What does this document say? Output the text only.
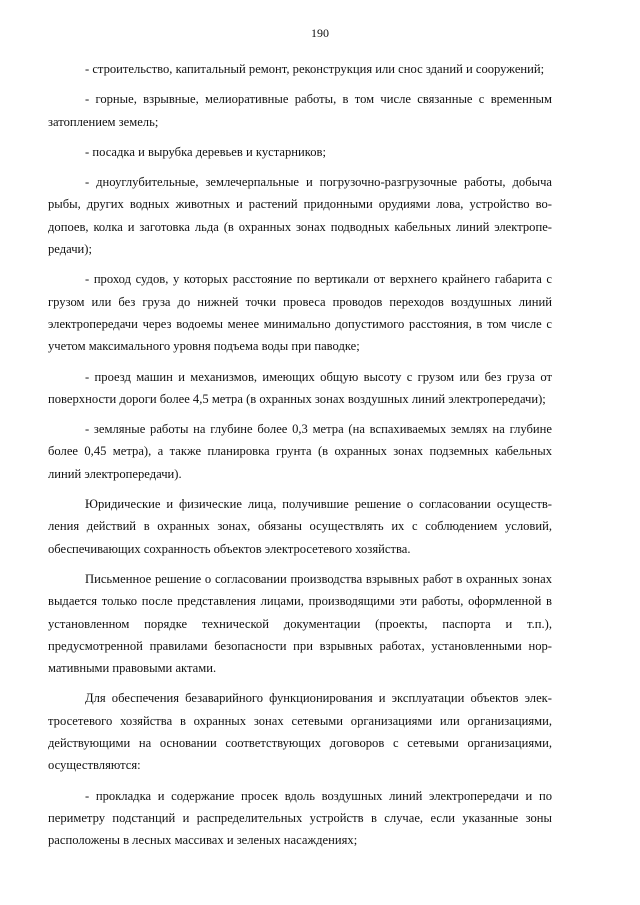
190

- строительство, капитальный ремонт, реконструкция или снос зданий и сооружений;

- горные, взрывные, мелиоративные работы, в том числе связанные с временным затоплением земель;

- посадка и вырубка деревьев и кустарников;

- дноуглубительные, землечерпальные и погрузочно-разгрузочные работы, добыча рыбы, других водных животных и растений придонными орудиями лова, устройство водопоев, колка и заготовка льда (в охранных зонах подводных кабельных линий электропередачи);

- проход судов, у которых расстояние по вертикали от верхнего крайнего габарита с грузом или без груза до нижней точки провеса проводов переходов воздушных линий электропередачи через водоемы менее минимально допустимого расстояния, в том числе с учетом максимального уровня подъема воды при паводке;

- проезд машин и механизмов, имеющих общую высоту с грузом или без груза от поверхности дороги более 4,5 метра (в охранных зонах воздушных линий электропередачи);

- земляные работы на глубине более 0,3 метра (на вспахиваемых землях на глубине более 0,45 метра), а также планировка грунта (в охранных зонах подземных кабельных линий электропередачи).

Юридические и физические лица, получившие решение о согласовании осуществления действий в охранных зонах, обязаны осуществлять их с соблюдением условий, обеспечивающих сохранность объектов электросетевого хозяйства.

Письменное решение о согласовании производства взрывных работ в охранных зонах выдается только после представления лицами, производящими эти работы, оформленной в установленном порядке технической документации (проекты, паспорта и т.п.), предусмотренной правилами безопасности при взрывных работах, установленными нормативными правовыми актами.

Для обеспечения безаварийного функционирования и эксплуатации объектов электросетевого хозяйства в охранных зонах сетевыми организациями или организациями, действующими на основании соответствующих договоров с сетевыми организациями, осуществляются:

- прокладка и содержание просек вдоль воздушных линий электропередачи и по периметру подстанций и распределительных устройств в случае, если указанные зоны расположены в лесных массивах и зеленых насаждениях;
